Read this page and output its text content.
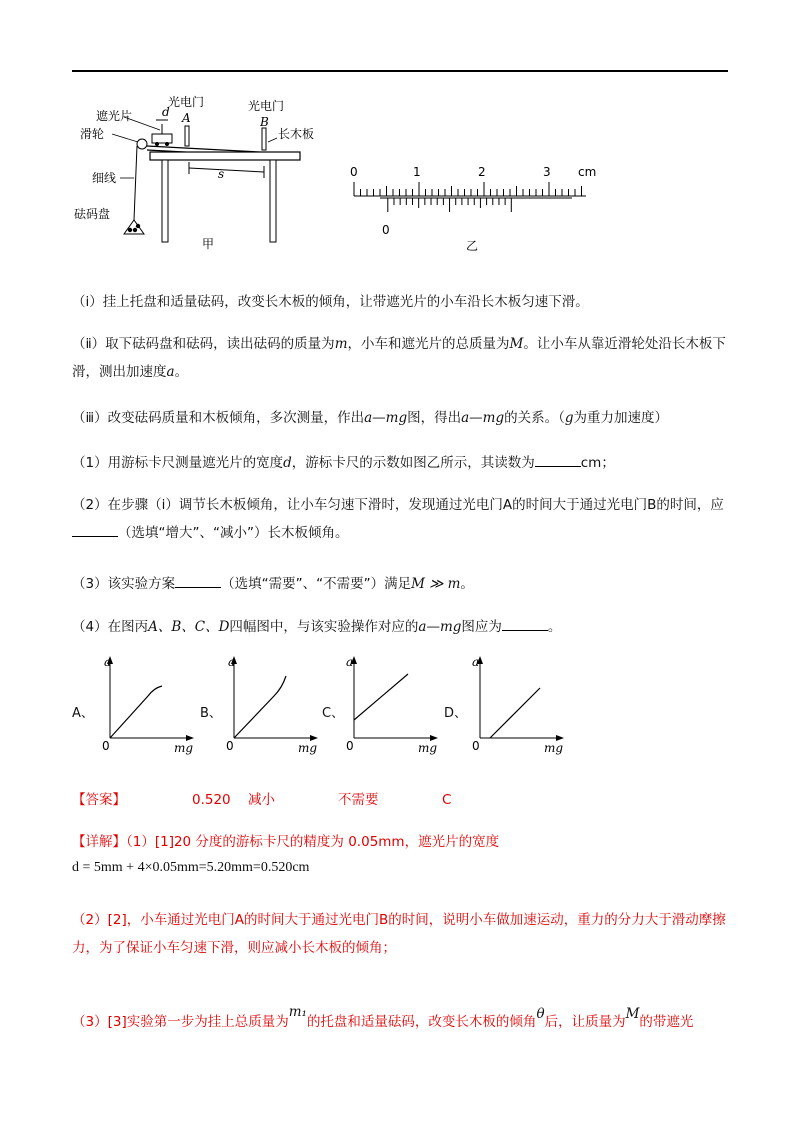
遮光片 d
光电门
A
光电门
B
滑轮	长木板
细线	s
砝码盘
甲
0	1	2	3 cm
0
乙
（ⅰ）挂上托盘和适量砝码，改变长木板的倾角，让带遮光片的小车沿长木板匀速下滑。
（ⅱ）取下砝码盘和砝码，读出砝码的质量为m，小车和遮光片的总质量为M。让小车从靠近滑轮处沿长木板下滑，测出加速度a。
（ⅲ）改变砝码质量和木板倾角，多次测量，作出a—mg图，得出a—mg的关系。（g为重力加速度）
（1）用游标卡尺测量遮光片的宽度d，游标卡尺的示数如图乙所示，其读数为	cm；
（2）在步骤（ⅰ）调节长木板倾角，让小车匀速下滑时，发现通过光电门A的时间大于通过光电门B的时间，应（选填“增大”、“减小”）长木板倾角。
（3）该实验方案	（选填“需要”、“不需要”）满足M ≫ m。
（4）在图丙A、B、C、D四幅图中，与该实验操作对应的a—mg图应为	。
A、
a
0	mg
B、
a
0	mg
C、
a
0	mg
D、
a
0	mg
【答案】	0.520 减小	不需要	C
【详解】（1）[1]20 分度的游标卡尺的精度为 0.05mm，遮光片的宽度
d = 5mm + 4×0.05mm=5.20mm=0.520cm
（2）[2]，小车通过光电门A的时间大于通过光电门B的时间，说明小车做加速运动，重力的分力大于滑动摩擦力，为了保证小车匀速下滑，则应减小长木板的倾角；
（3）[3]实验第一步为挂上总质量为m₁的托盘和适量砝码，改变长木板的倾角θ后，让质量为M的带遮光
